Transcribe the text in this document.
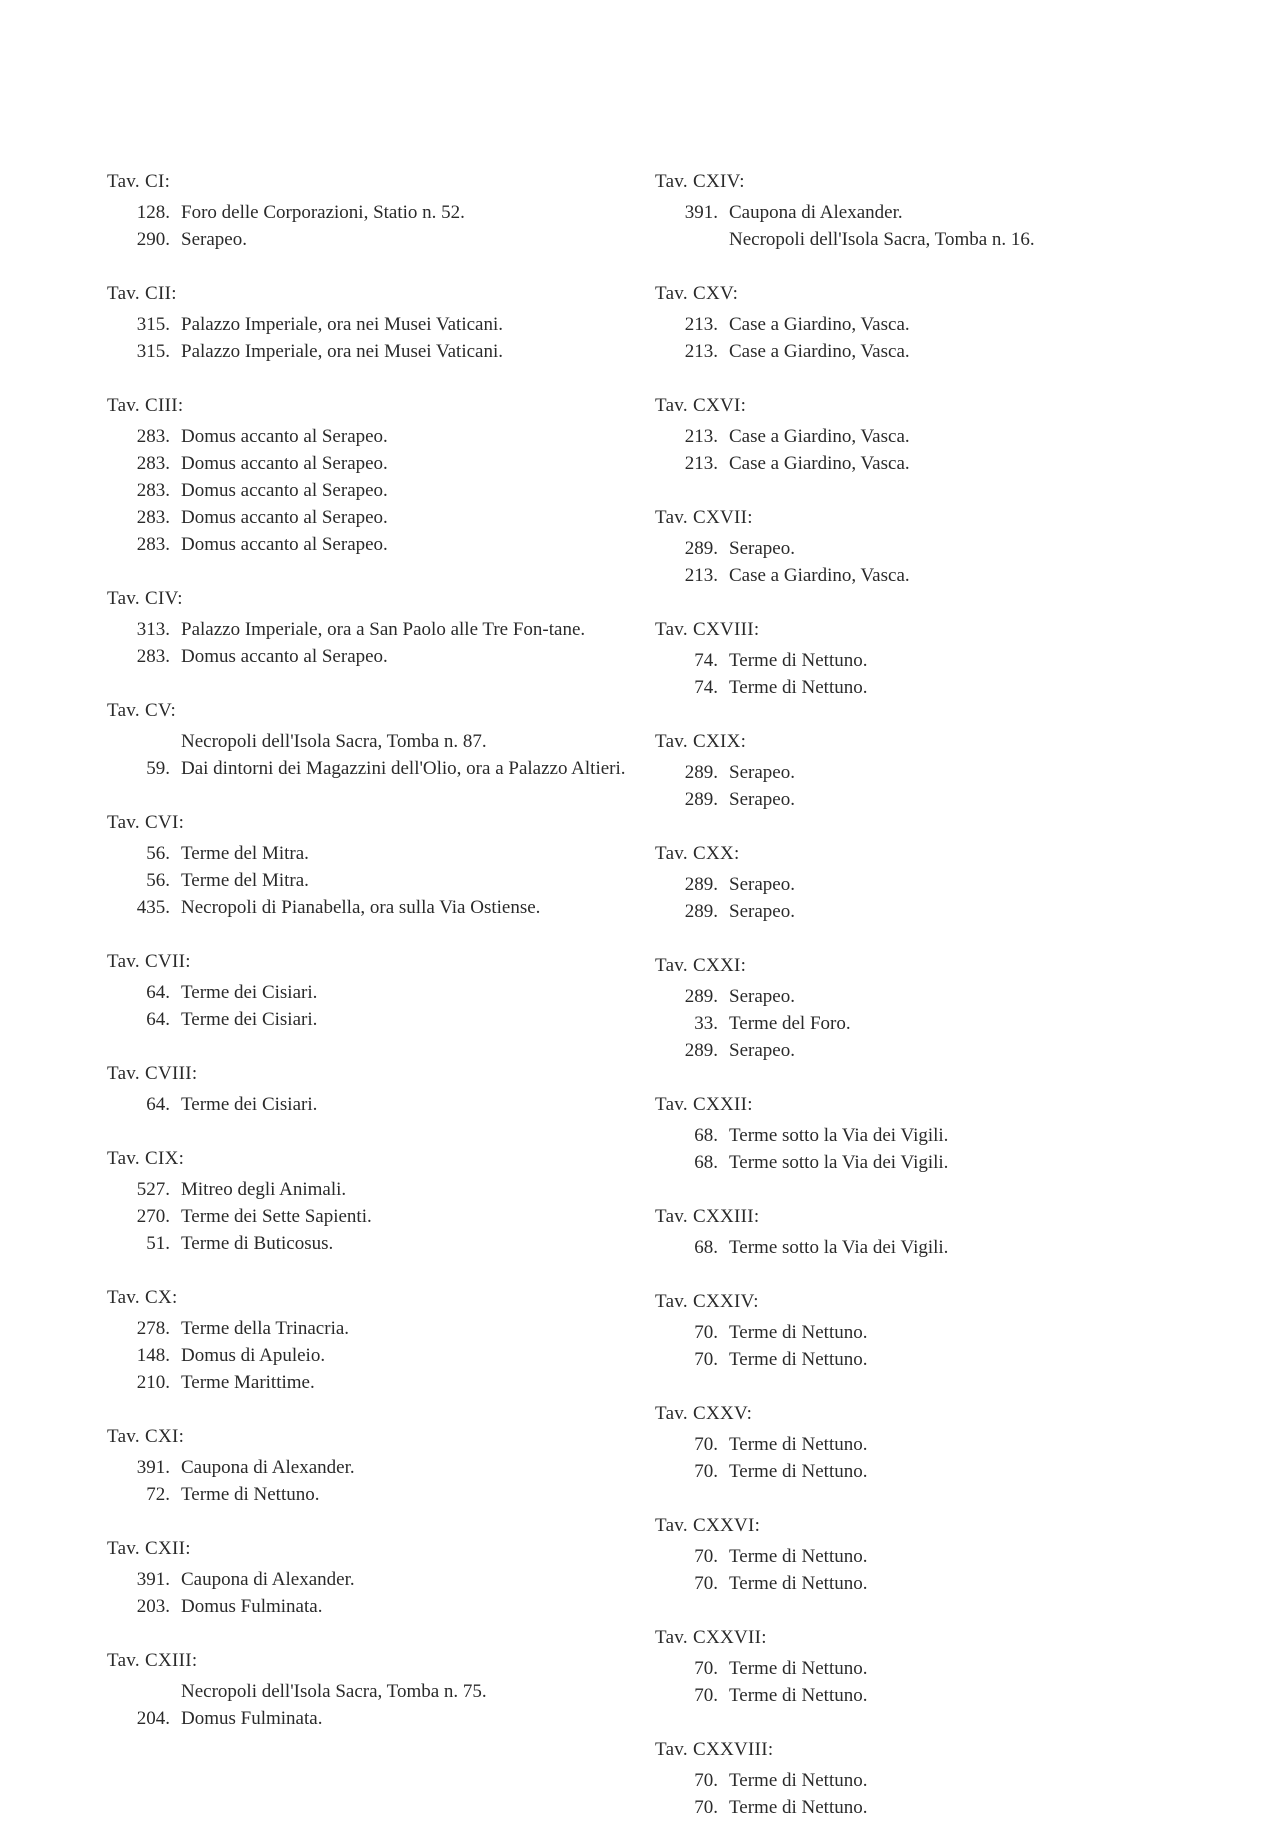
Tav. CI:
128. Foro delle Corporazioni, Statio n. 52.
290. Serapeo.
Tav. CII:
315. Palazzo Imperiale, ora nei Musei Vaticani.
315. Palazzo Imperiale, ora nei Musei Vaticani.
Tav. CIII:
283. Domus accanto al Serapeo.
283. Domus accanto al Serapeo.
283. Domus accanto al Serapeo.
283. Domus accanto al Serapeo.
283. Domus accanto al Serapeo.
Tav. CIV:
313. Palazzo Imperiale, ora a San Paolo alle Tre Fon-tane.
283. Domus accanto al Serapeo.
Tav. CV:
Necropoli dell'Isola Sacra, Tomba n. 87.
59. Dai dintorni dei Magazzini dell'Olio, ora a Palazzo Altieri.
Tav. CVI:
56. Terme del Mitra.
56. Terme del Mitra.
435. Necropoli di Pianabella, ora sulla Via Ostiense.
Tav. CVII:
64. Terme dei Cisiari.
64. Terme dei Cisiari.
Tav. CVIII:
64. Terme dei Cisiari.
Tav. CIX:
527. Mitreo degli Animali.
270. Terme dei Sette Sapienti.
51. Terme di Buticosus.
Tav. CX:
278. Terme della Trinacria.
148. Domus di Apuleio.
210. Terme Marittime.
Tav. CXI:
391. Caupona di Alexander.
72. Terme di Nettuno.
Tav. CXII:
391. Caupona di Alexander.
203. Domus Fulminata.
Tav. CXIII:
Necropoli dell'Isola Sacra, Tomba n. 75.
204. Domus Fulminata.
Tav. CXIV:
391. Caupona di Alexander.
Necropoli dell'Isola Sacra, Tomba n. 16.
Tav. CXV:
213. Case a Giardino, Vasca.
213. Case a Giardino, Vasca.
Tav. CXVI:
213. Case a Giardino, Vasca.
213. Case a Giardino, Vasca.
Tav. CXVII:
289. Serapeo.
213. Case a Giardino, Vasca.
Tav. CXVIII:
74. Terme di Nettuno.
74. Terme di Nettuno.
Tav. CXIX:
289. Serapeo.
289. Serapeo.
Tav. CXX:
289. Serapeo.
289. Serapeo.
Tav. CXXI:
289. Serapeo.
33. Terme del Foro.
289. Serapeo.
Tav. CXXII:
68. Terme sotto la Via dei Vigili.
68. Terme sotto la Via dei Vigili.
Tav. CXXIII:
68. Terme sotto la Via dei Vigili.
Tav. CXXIV:
70. Terme di Nettuno.
70. Terme di Nettuno.
Tav. CXXV:
70. Terme di Nettuno.
70. Terme di Nettuno.
Tav. CXXVI:
70. Terme di Nettuno.
70. Terme di Nettuno.
Tav. CXXVII:
70. Terme di Nettuno.
70. Terme di Nettuno.
Tav. CXXVIII:
70. Terme di Nettuno.
70. Terme di Nettuno.
